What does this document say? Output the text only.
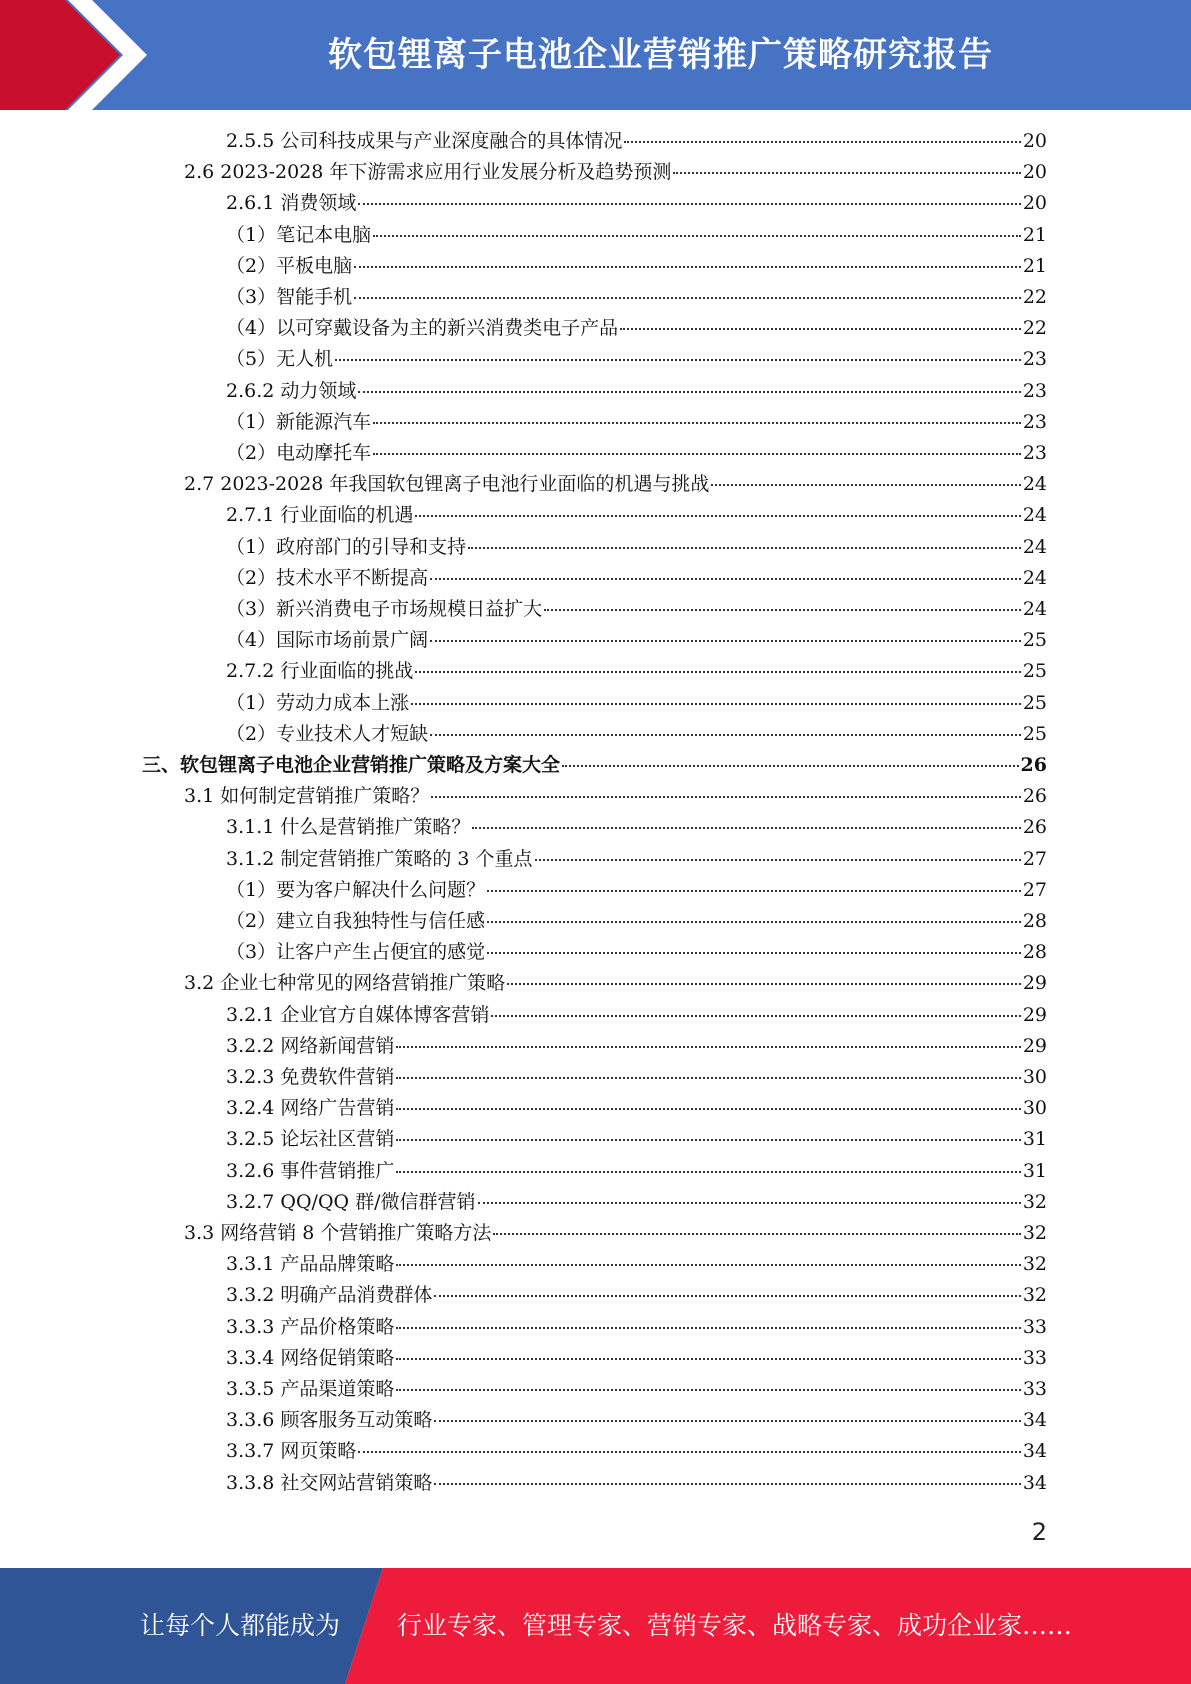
软包锂离子电池企业营销推广策略研究报告
2.5.5 公司科技成果与产业深度融合的具体情况	20
2.6 2023-2028 年下游需求应用行业发展分析及趋势预测	20
2.6.1 消费领域	20
（1）笔记本电脑	21
（2）平板电脑	21
（3）智能手机	22
（4）以可穿戴设备为主的新兴消费类电子产品	22
（5）无人机	23
2.6.2 动力领域	23
（1）新能源汽车	23
（2）电动摩托车	23
2.7 2023-2028 年我国软包锂离子电池行业面临的机遇与挑战	24
2.7.1 行业面临的机遇	24
（1）政府部门的引导和支持	24
（2）技术水平不断提高	24
（3）新兴消费电子市场规模日益扩大	24
（4）国际市场前景广阔	25
2.7.2 行业面临的挑战	25
（1）劳动力成本上涨	25
（2）专业技术人才短缺	25
三、软包锂离子电池企业营销推广策略及方案大全	26
3.1 如何制定营销推广策略？	26
3.1.1 什么是营销推广策略？	26
3.1.2 制定营销推广策略的 3 个重点	27
（1）要为客户解决什么问题？	27
（2）建立自我独特性与信任感	28
（3）让客户产生占便宜的感觉	28
3.2 企业七种常见的网络营销推广策略	29
3.2.1 企业官方自媒体博客营销	29
3.2.2 网络新闻营销	29
3.2.3 免费软件营销	30
3.2.4 网络广告营销	30
3.2.5 论坛社区营销	31
3.2.6 事件营销推广	31
3.2.7 QQ/QQ 群/微信群营销	32
3.3 网络营销 8 个营销推广策略方法	32
3.3.1 产品品牌策略	32
3.3.2 明确产品消费群体	32
3.3.3 产品价格策略	33
3.3.4 网络促销策略	33
3.3.5 产品渠道策略	33
3.3.6 顾客服务互动策略	34
3.3.7 网页策略	34
3.3.8 社交网站营销策略	34
2
让每个人都能成为 行业专家、管理专家、营销专家、战略专家、成功企业家……
